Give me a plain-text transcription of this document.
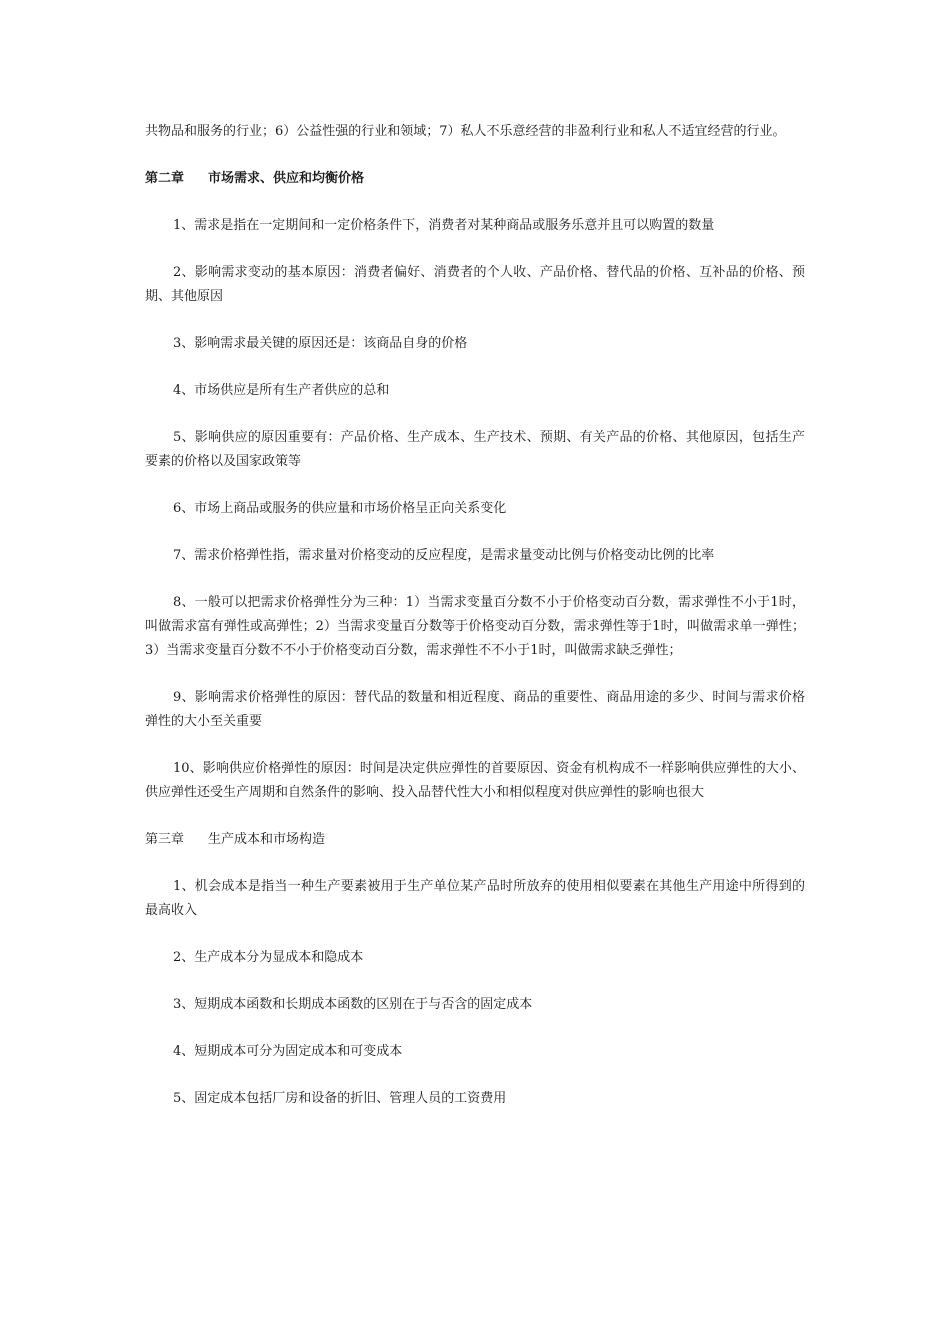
共物品和服务的行业；6）公益性强的行业和领域；7）私人不乐意经营的非盈利行业和私人不适宜经营的行业。

第二章 市场需求、供应和均衡价格

1、需求是指在一定期间和一定价格条件下，消费者对某种商品或服务乐意并且可以购置的数量

2、影响需求变动的基本原因：消费者偏好、消费者的个人收、产品价格、替代品的价格、互补品的价格、预期、其他原因

3、影响需求最关键的原因还是：该商品自身的价格

4、市场供应是所有生产者供应的总和

5、影响供应的原因重要有：产品价格、生产成本、生产技术、预期、有关产品的价格、其他原因，包括生产要素的价格以及国家政策等

6、市场上商品或服务的供应量和市场价格呈正向关系变化

7、需求价格弹性指，需求量对价格变动的反应程度，是需求量变动比例与价格变动比例的比率

8、一般可以把需求价格弹性分为三种：1）当需求变量百分数不小于价格变动百分数，需求弹性不小于1时，叫做需求富有弹性或高弹性；2）当需求变量百分数等于价格变动百分数，需求弹性等于1时，叫做需求单一弹性；3）当需求变量百分数不不小于价格变动百分数，需求弹性不不小于1时，叫做需求缺乏弹性；

9、影响需求价格弹性的原因：替代品的数量和相近程度、商品的重要性、商品用途的多少、时间与需求价格弹性的大小至关重要

10、影响供应价格弹性的原因：时间是决定供应弹性的首要原因、资金有机构成不一样影响供应弹性的大小、供应弹性还受生产周期和自然条件的影响、投入品替代性大小和相似程度对供应弹性的影响也很大

第三章 生产成本和市场构造

1、机会成本是指当一种生产要素被用于生产单位某产品时所放弃的使用相似要素在其他生产用途中所得到的最高收入

2、生产成本分为显成本和隐成本

3、短期成本函数和长期成本函数的区别在于与否含的固定成本

4、短期成本可分为固定成本和可变成本

5、固定成本包括厂房和设备的折旧、管理人员的工资费用
